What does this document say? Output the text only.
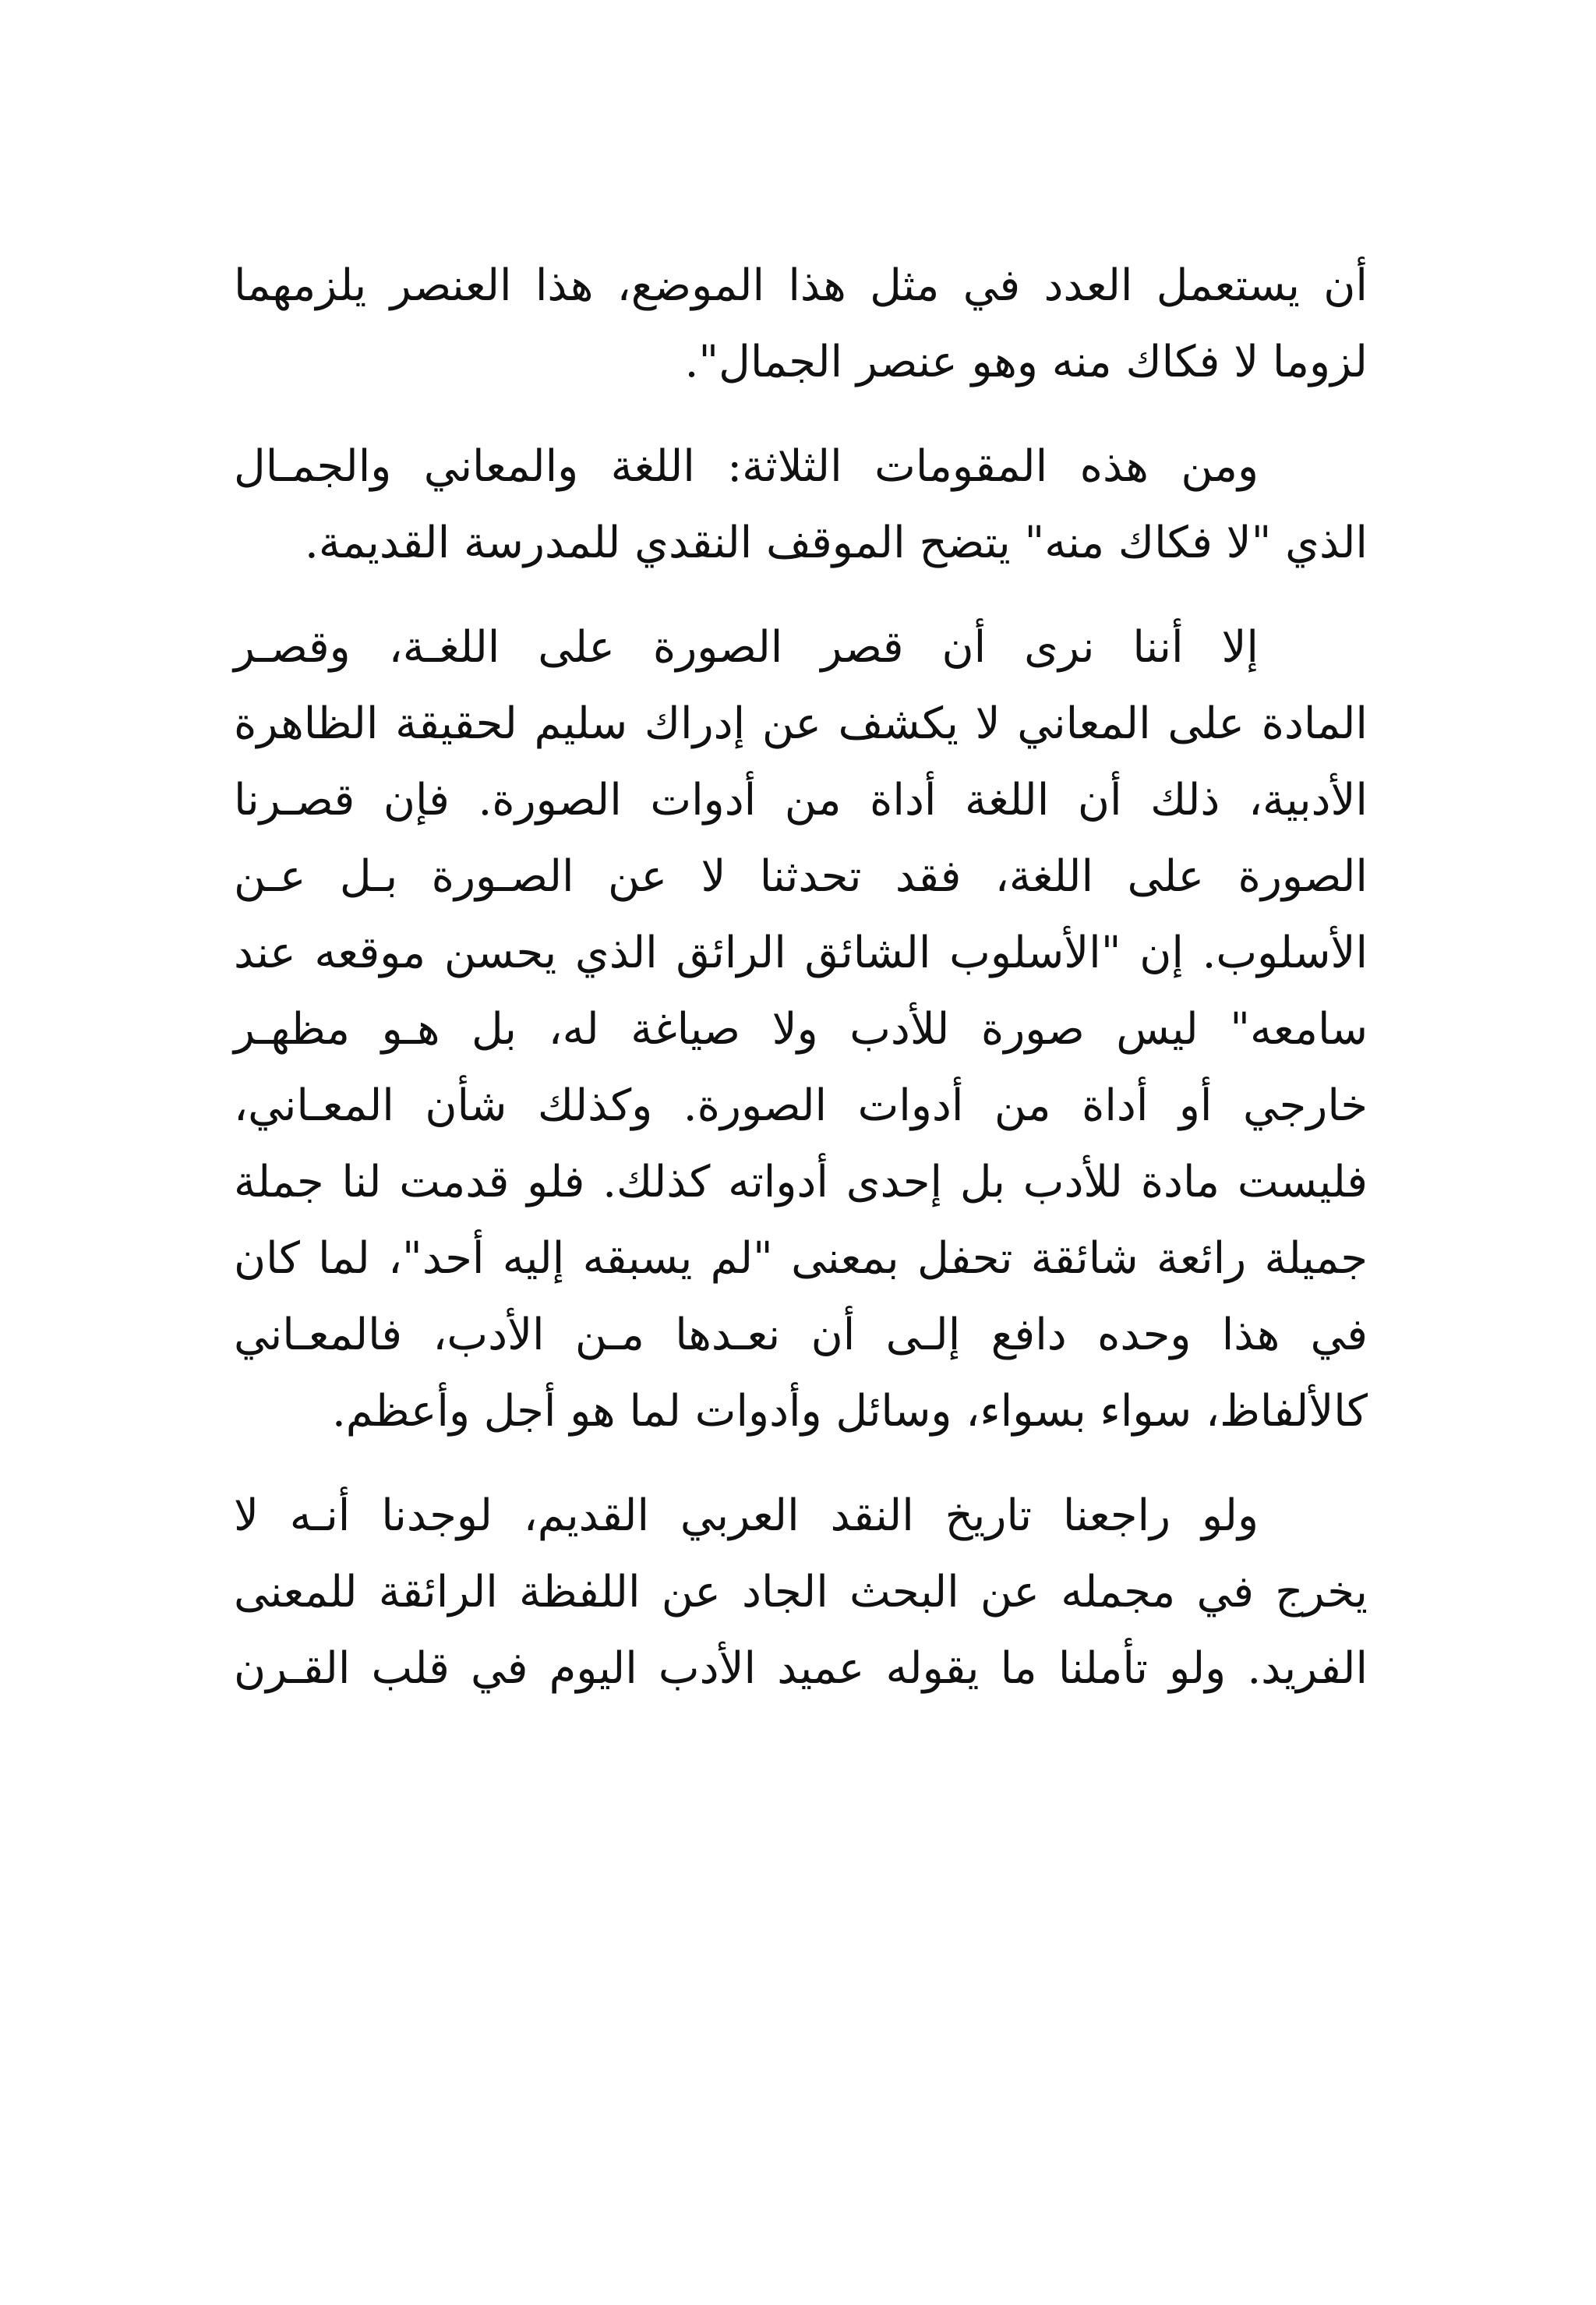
أن يستعمل العدد في مثل هذا الموضع، هذا العنصر يلزمهما
لزوما لا فكاك منه وهو عنصر الجمال".
ومن هذه المقومات الثلاثة: اللغة والمعاني والجمـال
الذي "لا فكاك منه" يتضح الموقف النقدي للمدرسة القديمة.
إلا أننا نرى أن قصر الصورة على اللغـة، وقصـر
المادة على المعاني لا يكشف عن إدراك سليم لحقيقة الظاهرة
الأدبية، ذلك أن اللغة أداة من أدوات الصورة. فإن قصـرنا
الصورة على اللغة، فقد تحدثنا لا عن الصـورة بـل عـن
الأسلوب. إن "الأسلوب الشائق الرائق الذي يحسن موقعه عند
سامعه" ليس صورة للأدب ولا صياغة له، بل هـو مظهـر
خارجي أو أداة من أدوات الصورة. وكذلك شأن المعـاني،
فليست مادة للأدب بل إحدى أدواته كذلك. فلو قدمت لنا جملة
جميلة رائعة شائقة تحفل بمعنى "لم يسبقه إليه أحد"، لما كان
في هذا وحده دافع إلـى أن نعـدها مـن الأدب، فالمعـاني
كالألفاظ، سواء بسواء، وسائل وأدوات لما هو أجل وأعظم.
ولو راجعنا تاريخ النقد العربي القديم، لوجدنا أنـه لا
يخرج في مجمله عن البحث الجاد عن اللفظة الرائقة للمعنى
الفريد. ولو تأملنا ما يقوله عميد الأدب اليوم في قلب القـرن
